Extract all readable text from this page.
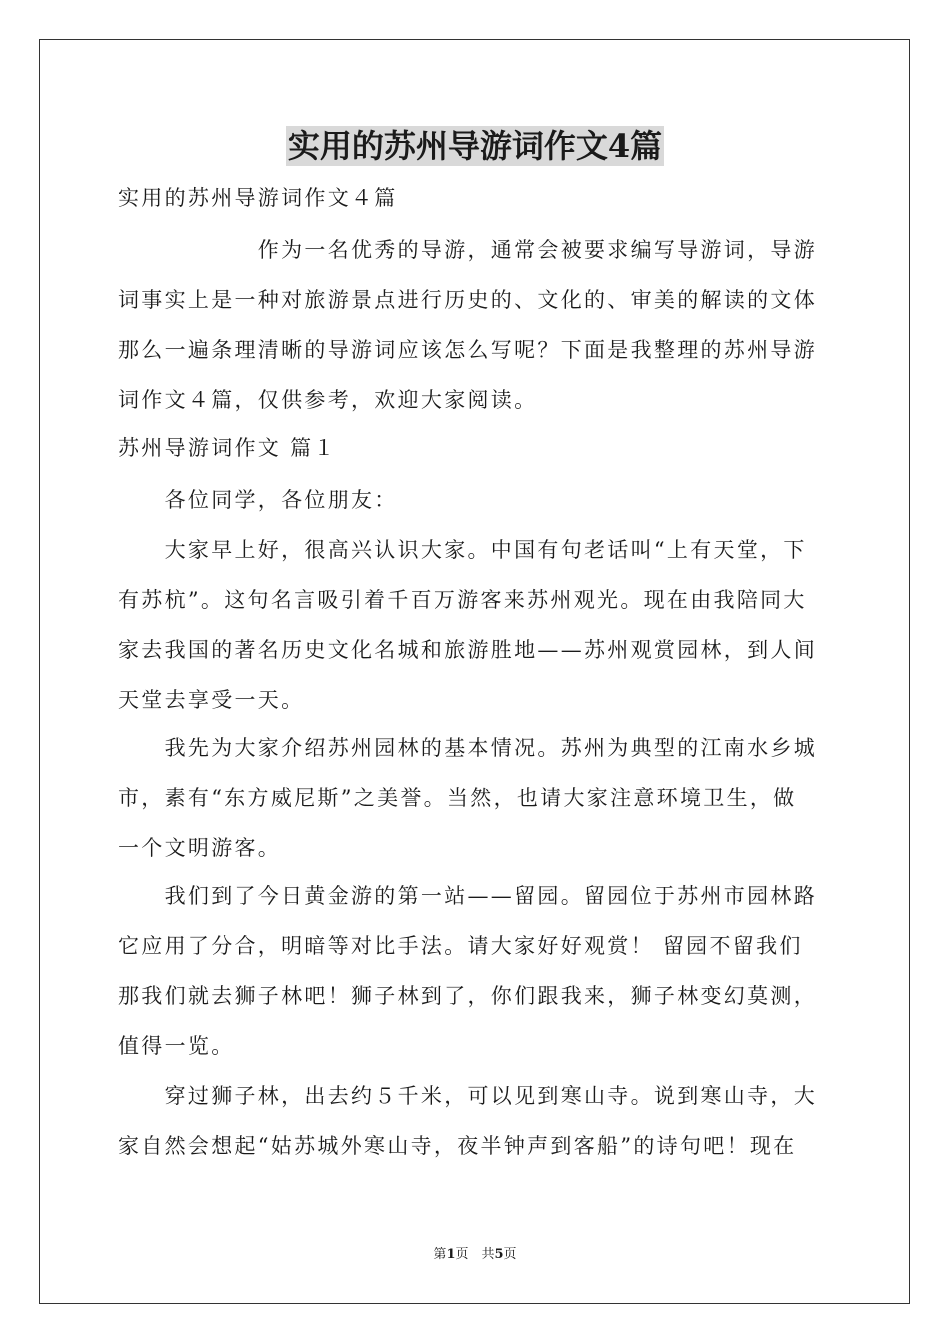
实用的苏州导游词作文4篇
实用的苏州导游词作文４篇
　　　　　　作为一名优秀的导游，通常会被要求编写导游词，导游
词事实上是一种对旅游景点进行历史的、文化的、审美的解读的文体
那么一遍条理清晰的导游词应该怎么写呢？下面是我整理的苏州导游
词作文４篇，仅供参考，欢迎大家阅读。
苏州导游词作文 篇１
　　各位同学，各位朋友：
　　大家早上好，很高兴认识大家。中国有句老话叫“上有天堂，下
有苏杭”。这句名言吸引着千百万游客来苏州观光。现在由我陪同大
家去我国的著名历史文化名城和旅游胜地——苏州观赏园林，到人间
天堂去享受一天。
　　我先为大家介绍苏州园林的基本情况。苏州为典型的江南水乡城
市，素有“东方威尼斯”之美誉。当然，也请大家注意环境卫生，做
一个文明游客。
　　我们到了今日黄金游的第一站——留园。留园位于苏州市园林路
它应用了分合，明暗等对比手法。请大家好好观赏！ 留园不留我们
那我们就去狮子林吧！狮子林到了，你们跟我来，狮子林变幻莫测，
值得一览。
　　穿过狮子林，出去约５千米，可以见到寒山寺。说到寒山寺，大
家自然会想起“姑苏城外寒山寺，夜半钟声到客船”的诗句吧！现在
第1页　共5页
